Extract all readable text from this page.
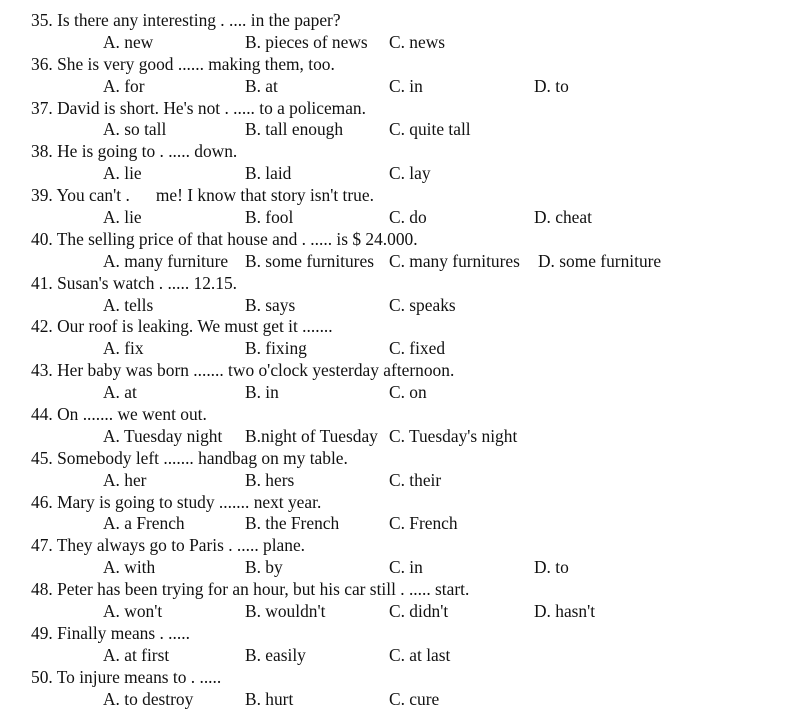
35. Is there any interesting . .... in the paper?
A. new	B. pieces of news C. news
36. She is very good ...... making them, too.
A. for	B. at	C. in	D. to
37. David is short. He's not . ..... to a policeman.
A. so tall	B. tall enough	C. quite tall
38. He is going to . ..... down.
A. lie	B. laid	C. lay
39. You can't .      me! I know that story isn't true.
A. lie	B. fool	C. do	D. cheat
40. The selling price of that house and . ..... is $ 24.000.
A. many furniture B. some furnitures C. many furnitures D. some furniture
41. Susan's watch . ..... 12.15.
A. tells	B. says	C. speaks
42. Our roof is leaking. We must get it .......
A. fix	B. fixing	C. fixed
43. Her baby was born ....... two o'clock yesterday afternoon.
A. at	B. in	C. on
44. On ....... we went out.
A. Tuesday night B.night of Tuesday C. Tuesday's night
45. Somebody left ....... handbag on my table.
A. her	B. hers	C. their
46. Mary is going to study ....... next year.
A. a French	B. the French	C. French
47. They always go to Paris . ..... plane.
A. with	B. by	C. in	D. to
48. Peter has been trying for an hour, but his car still . ..... start.
A. won't	B. wouldn't	C. didn't	D. hasn't
49. Finally means . .....
A. at first	B. easily	C. at last
50. To injure means to . .....
A. to destroy	B. hurt	C. cure
